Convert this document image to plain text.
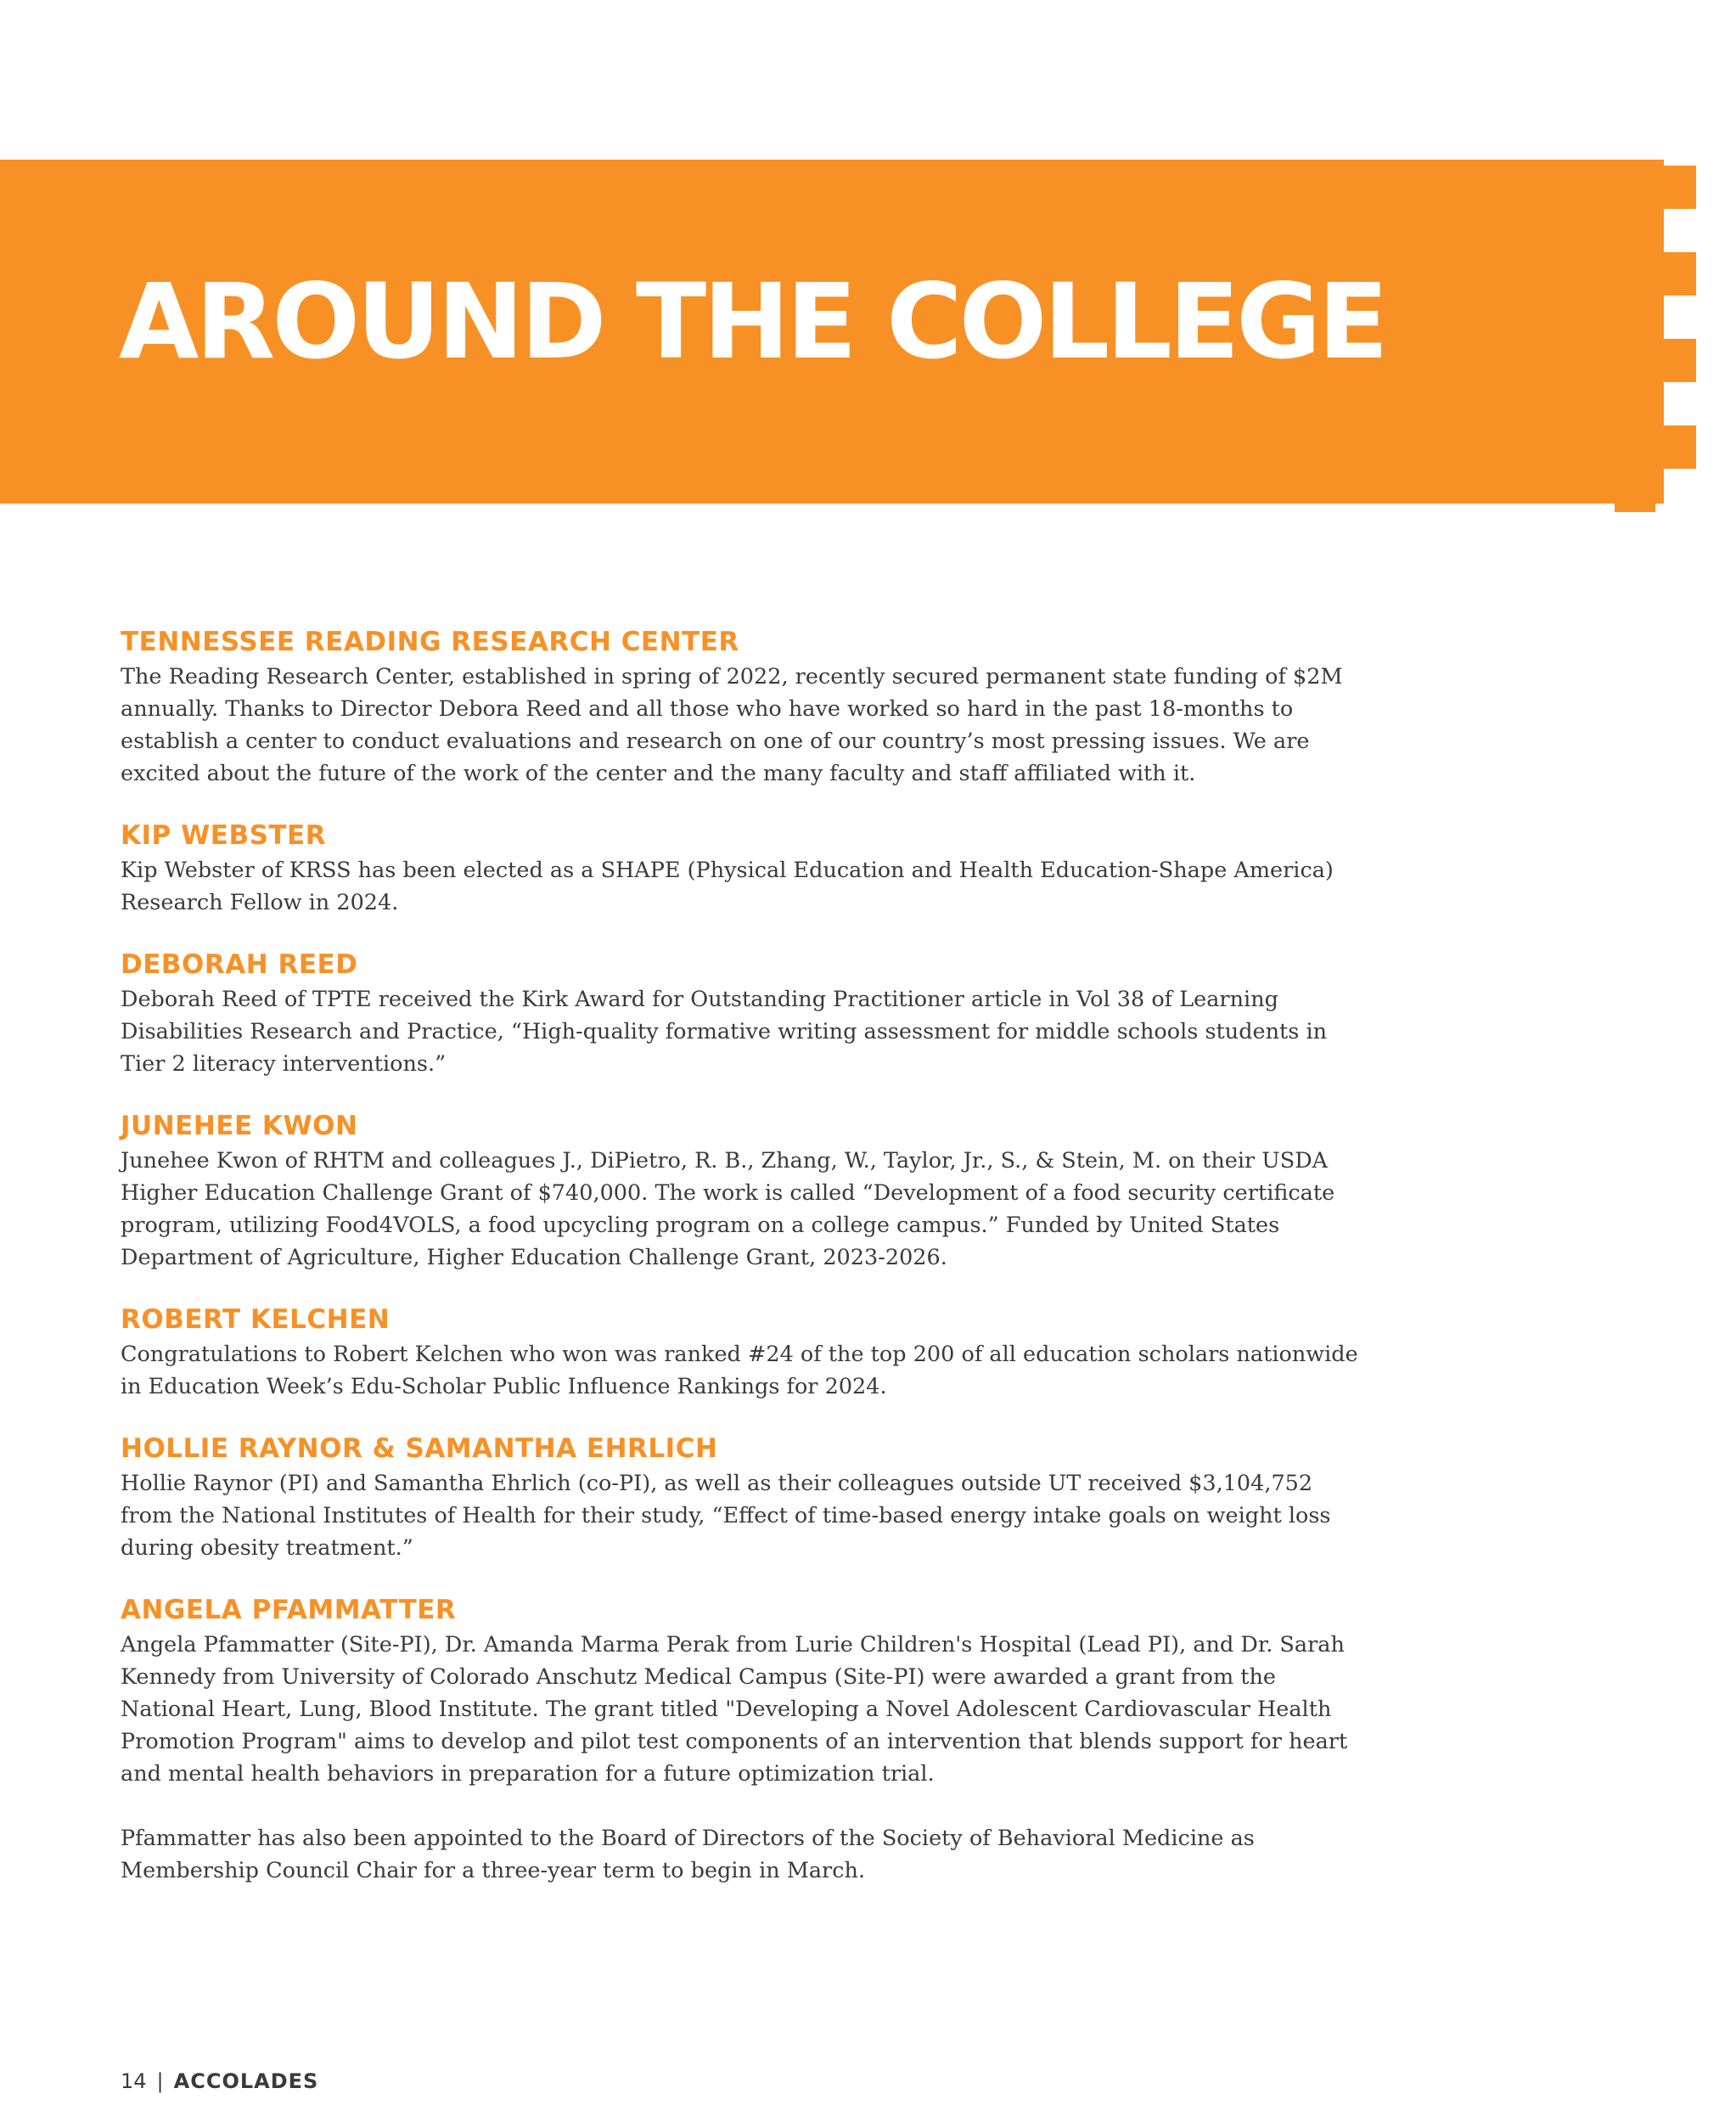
AROUND THE COLLEGE
TENNESSEE READING RESEARCH CENTER

The Reading Research Center, established in spring of 2022, recently secured permanent state funding of $2M annually. Thanks to Director Debora Reed and all those who have worked so hard in the past 18-months to establish a center to conduct evaluations and research on one of our country’s most pressing issues. We are excited about the future of the work of the center and the many faculty and staff affiliated with it.

KIP WEBSTER

Kip Webster of KRSS has been elected as a SHAPE (Physical Education and Health Education-Shape America) Research Fellow in 2024.

DEBORAH REED

Deborah Reed of TPTE received the Kirk Award for Outstanding Practitioner article in Vol 38 of Learning Disabilities Research and Practice, “High-quality formative writing assessment for middle schools students in Tier 2 literacy interventions.”

JUNEHEE KWON

Junehee Kwon of RHTM and colleagues J., DiPietro, R. B., Zhang, W., Taylor, Jr., S., & Stein, M. on their USDA Higher Education Challenge Grant of $740,000. The work is called “Development of a food security certificate program, utilizing Food4VOLS, a food upcycling program on a college campus.” Funded by United States Department of Agriculture, Higher Education Challenge Grant, 2023-2026.

ROBERT KELCHEN

Congratulations to Robert Kelchen who won was ranked #24 of the top 200 of all education scholars nationwide in Education Week’s Edu-Scholar Public Influence Rankings for 2024.

HOLLIE RAYNOR & SAMANTHA EHRLICH

Hollie Raynor (PI) and Samantha Ehrlich (co-PI), as well as their colleagues outside UT received $3,104,752 from the National Institutes of Health for their study, “Effect of time-based energy intake goals on weight loss during obesity treatment.”

ANGELA PFAMMATTER

Angela Pfammatter (Site-PI), Dr. Amanda Marma Perak from Lurie Children's Hospital (Lead PI), and Dr. Sarah Kennedy from University of Colorado Anschutz Medical Campus (Site-PI) were awarded a grant from the National Heart, Lung, Blood Institute. The grant titled "Developing a Novel Adolescent Cardiovascular Health Promotion Program" aims to develop and pilot test components of an intervention that blends support for heart and mental health behaviors in preparation for a future optimization trial.

Pfammatter has also been appointed to the Board of Directors of the Society of Behavioral Medicine as Membership Council Chair for a three-year term to begin in March.

14 | ACCOLADES
